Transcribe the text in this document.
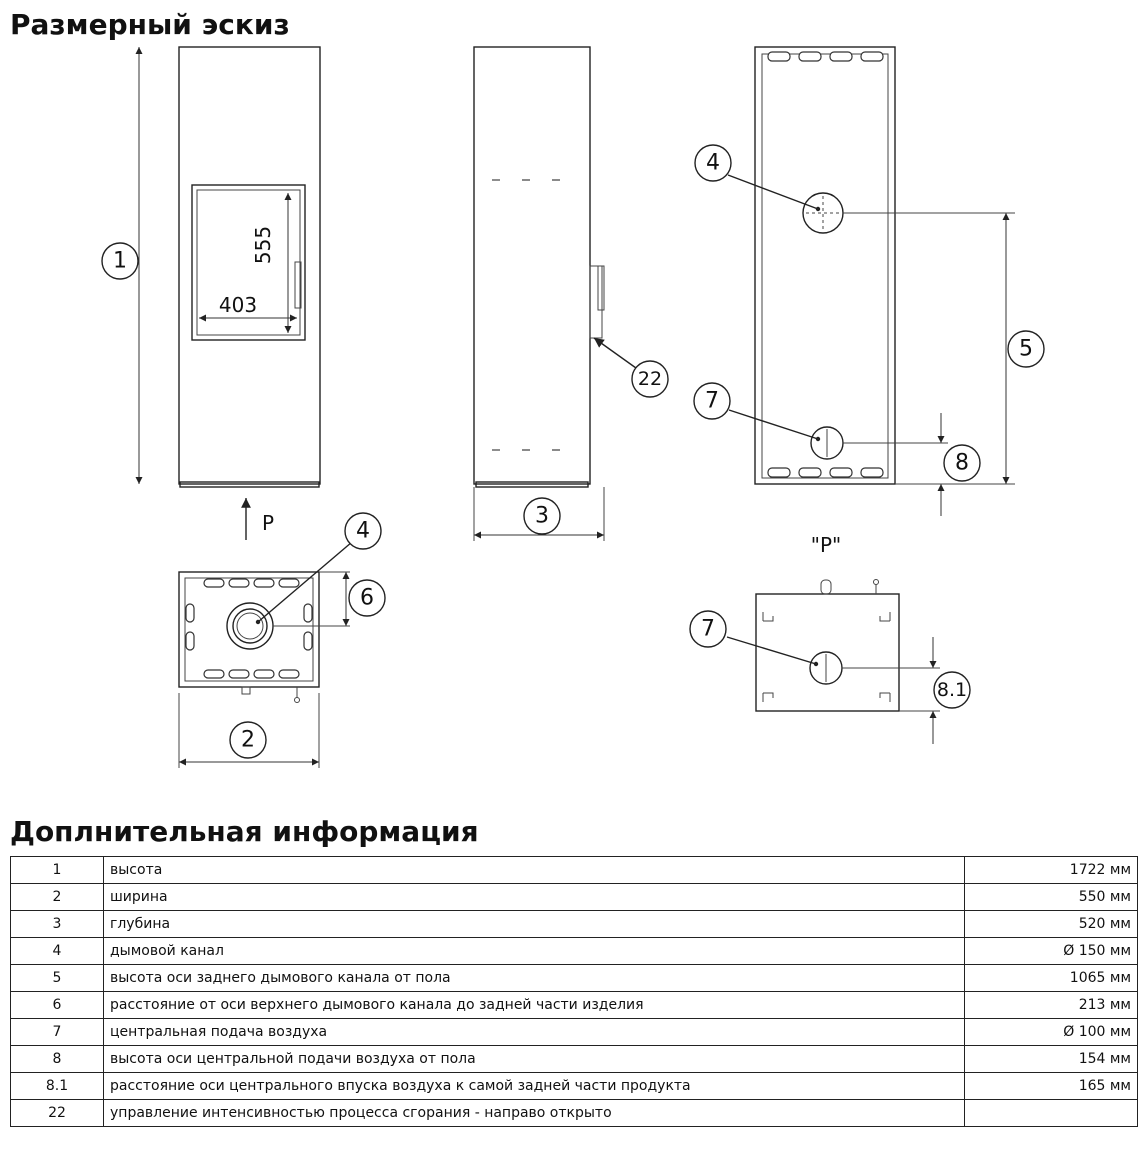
Размерный эскиз
555
403
1
P
22
3
4
7
5
8
4
6
2
"P"
7
8.1
Доплнительная информация
1	высота	1722 мм
2	ширина	550 мм
3	глубина	520 мм
4	дымовой канал	Ø 150 мм
5	высота оси заднего дымового канала от пола	1065 мм
6	расстояние от оси верхнего дымового канала до задней части изделия	213 мм
7	центральная подача воздуха	Ø 100 мм
8	высота оси центральной подачи воздуха от пола	154 мм
8.1	расстояние оси центрального впуска воздуха к самой задней части продукта	165 мм
22	управление интенсивностью процесса сгорания - направо открыто	
